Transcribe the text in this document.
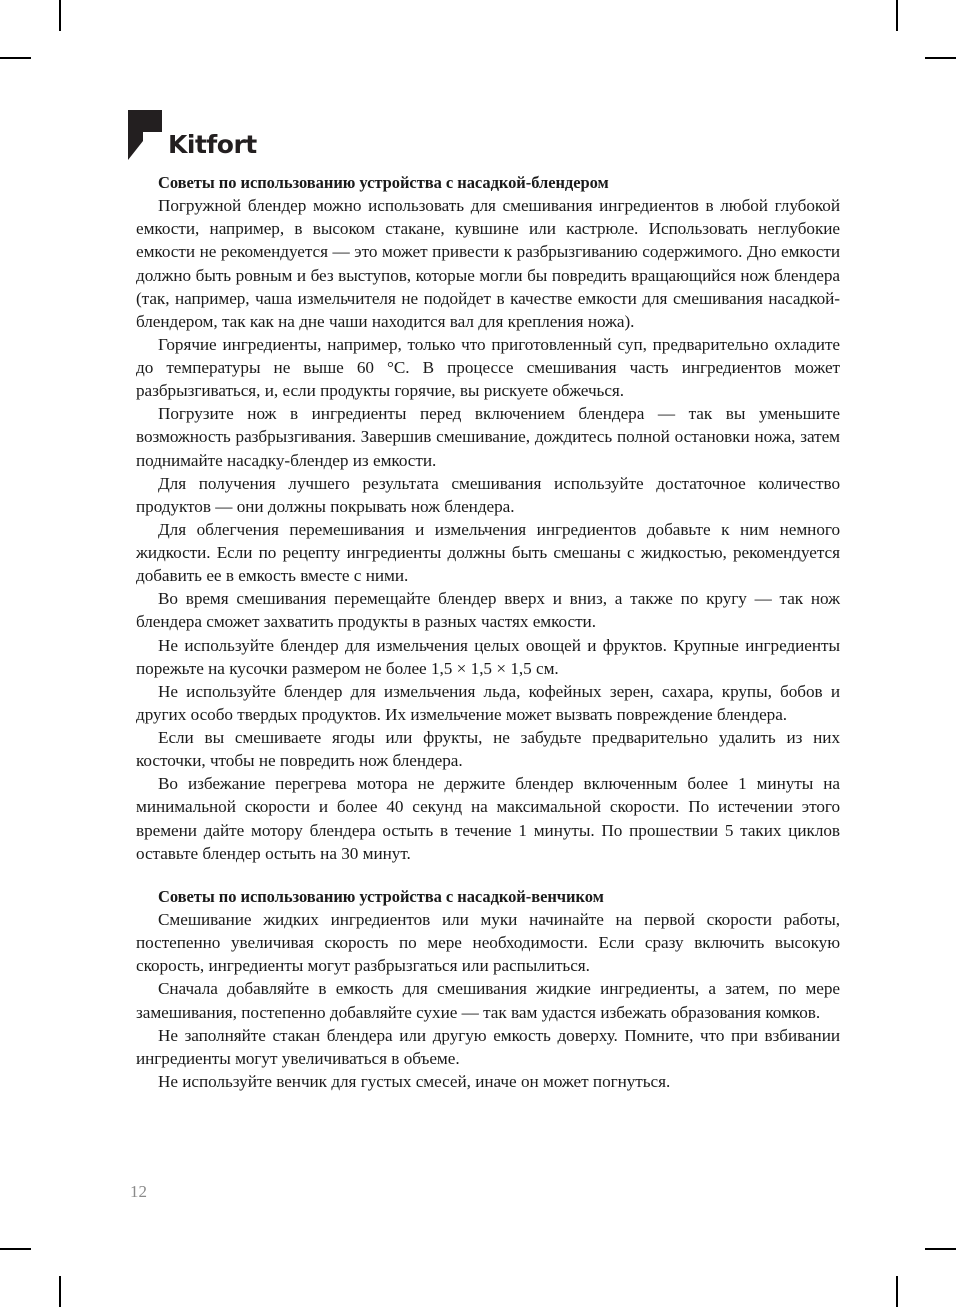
Kitfort
Советы по использованию устройства с насадкой-блендером

Погружной блендер можно использовать для смешивания ингредиентов в любой глубокой емкости, например, в высоком стакане, кувшине или кастрюле. Использовать неглубокие емкости не рекомендуется — это может привести к разбрызгиванию содержимого. Дно емкости должно быть ровным и без выступов, которые могли бы повредить вращающийся нож блендера (так, например, чаша измельчителя не подойдет в качестве емкости для смешивания насадкой-блендером, так как на дне чаши находится вал для крепления ножа).

Горячие ингредиенты, например, только что приготовленный суп, предварительно охладите до температуры не выше 60 °C. В процессе смешивания часть ингредиентов может разбрызгиваться, и, если продукты горячие, вы рискуете обжечься.

Погрузите нож в ингредиенты перед включением блендера — так вы уменьшите возможность разбрызгивания. Завершив смешивание, дождитесь полной остановки ножа, затем поднимайте насадку-блендер из емкости.

Для получения лучшего результата смешивания используйте достаточное количество продуктов — они должны покрывать нож блендера.

Для облегчения перемешивания и измельчения ингредиентов добавьте к ним немного жидкости. Если по рецепту ингредиенты должны быть смешаны с жидкостью, рекомендуется добавить ее в емкость вместе с ними.

Во время смешивания перемещайте блендер вверх и вниз, а также по кругу — так нож блендера сможет захватить продукты в разных частях емкости.

Не используйте блендер для измельчения целых овощей и фруктов. Крупные ингредиенты порежьте на кусочки размером не более 1,5 × 1,5 × 1,5 см.

Не используйте блендер для измельчения льда, кофейных зерен, сахара, крупы, бобов и других особо твердых продуктов. Их измельчение может вызвать повреждение блендера.

Если вы смешиваете ягоды или фрукты, не забудьте предварительно удалить из них косточки, чтобы не повредить нож блендера.

Во избежание перегрева мотора не держите блендер включенным более 1 минуты на минимальной скорости и более 40 секунд на максимальной скорости. По истечении этого времени дайте мотору блендера остыть в течение 1 минуты. По прошествии 5 таких циклов оставьте блендер остыть на 30 минут.

Советы по использованию устройства с насадкой-венчиком

Смешивание жидких ингредиентов или муки начинайте на первой скорости работы, постепенно увеличивая скорость по мере необходимости. Если сразу включить высокую скорость, ингредиенты могут разбрызгаться или распылиться.

Сначала добавляйте в емкость для смешивания жидкие ингредиенты, а затем, по мере замешивания, постепенно добавляйте сухие — так вам удастся избежать образования комков.

Не заполняйте стакан блендера или другую емкость доверху. Помните, что при взбивании ингредиенты могут увеличиваться в объеме.

Не используйте венчик для густых смесей, иначе он может погнуться.

12
